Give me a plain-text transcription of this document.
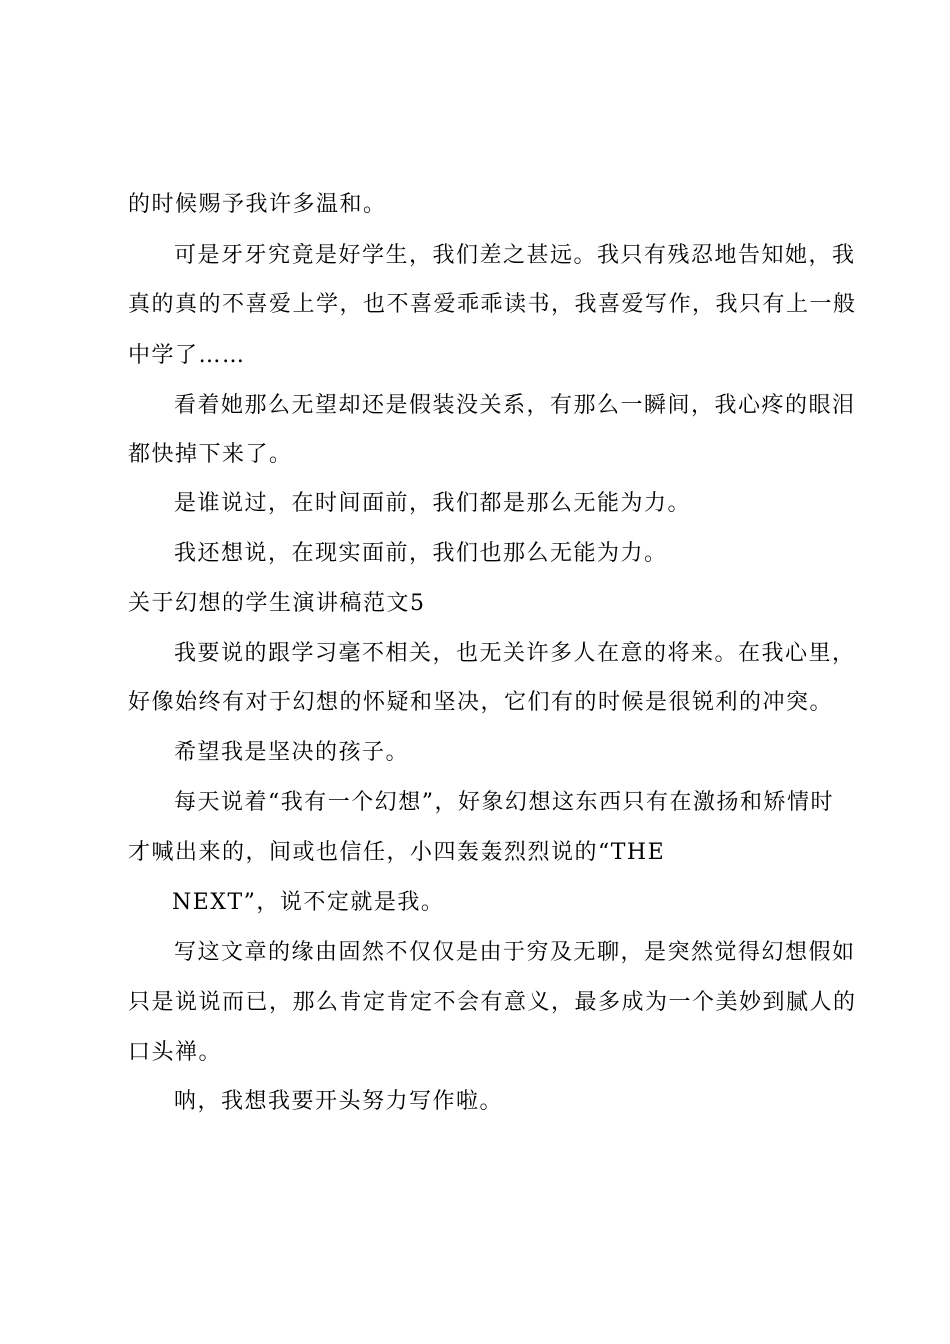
的时候赐予我许多温和。
可是牙牙究竟是好学生，我们差之甚远。我只有残忍地告知她，我
真的真的不喜爱上学，也不喜爱乖乖读书，我喜爱写作，我只有上一般
中学了……
看着她那么无望却还是假装没关系，有那么一瞬间，我心疼的眼泪
都快掉下来了。
是谁说过，在时间面前，我们都是那么无能为力。
我还想说，在现实面前，我们也那么无能为力。
关于幻想的学生演讲稿范文5
我要说的跟学习毫不相关，也无关许多人在意的将来。在我心里，
好像始终有对于幻想的怀疑和坚决，它们有的时候是很锐利的冲突。
希望我是坚决的孩子。
每天说着“我有一个幻想”，好象幻想这东西只有在激扬和矫情时
才喊出来的，间或也信任，小四轰轰烈烈说的“THE
NEXT”，说不定就是我。
写这文章的缘由固然不仅仅是由于穷及无聊，是突然觉得幻想假如
只是说说而已，那么肯定肯定不会有意义，最多成为一个美妙到腻人的
口头禅。
呐，我想我要开头努力写作啦。
